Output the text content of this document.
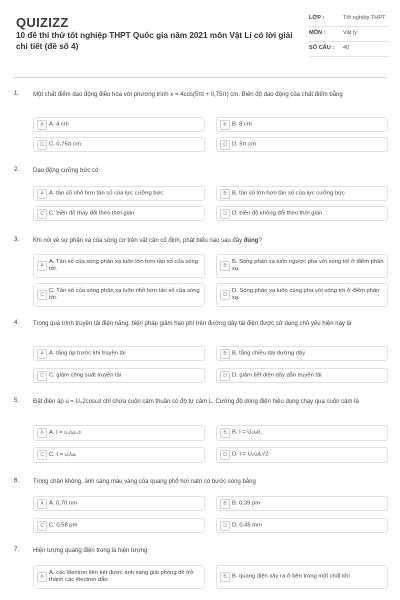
QUIZIZZ
10 đề thi thử tốt nghiệp THPT Quốc gia năm 2021 môn Vật Lí có lời giải chi tiết (đề số 4)
LỚP :	Tốt nghiệp THPT
MÔN :	Vật lý
SỐ CÂU :	40
1. Một chất điểm dao động điều hòa với phương trình x = 4cos(5πt + 0,75π) cm. Biên độ dao động của chất điểm bằng
A A. 4 cm	B B. 8 cm
C C. 0,75π cm	D D. 5π cm
2. Dao động cưỡng bức có
A A. tần số nhỏ hơn tần số của lực cưỡng bức	B B. tần số lớn hơn tần số của lực cưỡng bức
C C. biên độ thay đổi theo thời gian	D D. biên độ không đổi theo thời gian
3. Khi nói về sự phản xạ của sóng cơ trên vật cản cố định, phát biểu nào sau đây đúng?
A
A. Tần số của sóng phản xạ luôn lớn hơn tần số của sóng tới.	B
B. Sóng phản xạ luôn ngược pha với sóng tới ở điểm phản xạ.
C
C. Tần số của sóng phản xạ luôn nhỏ hơn tần số của sóng tới.	D
D. Sóng phản xạ luôn cùng pha với sóng tới ở điểm phản xạ.
4. Trong quá trình truyền tải điện năng, biện pháp giảm hao phí trên đường dây tải điện được sử dụng chủ yếu hiện nay là
A A. tăng áp trước khi truyền tải	B B. tăng chiều dài đường dây
C C. giảm công suất truyền tải	D D. giảm tiết diện dây dẫn truyền tải
5. Đặt điện áp u = U₀2cosωt chỉ chứa cuộn cảm thuần có độ tự cảm L. Cường độ dòng điện hiệu dụng chạy qua cuộn cảm là
A A. I = U₀/ωL√2	B B. I = U₀ωL
C C. I = U₀/ωL	D D. I = U₀ωL√2
6. Trong chân không, ánh sáng màu vàng của quang phổ hơi natri có bước sóng bằng
A A. 0,70 nm	B B. 0,39 pm
C C. 0,58 μm	D D. 0,45 mm
7. Hiện tượng quang điện trong là hiện tượng
A
A. các êlectron liên kết được ánh sáng giải phóng để trở thành các êlectron dẫn	B B. quang điện xảy ra ở bên trong một chất khí
